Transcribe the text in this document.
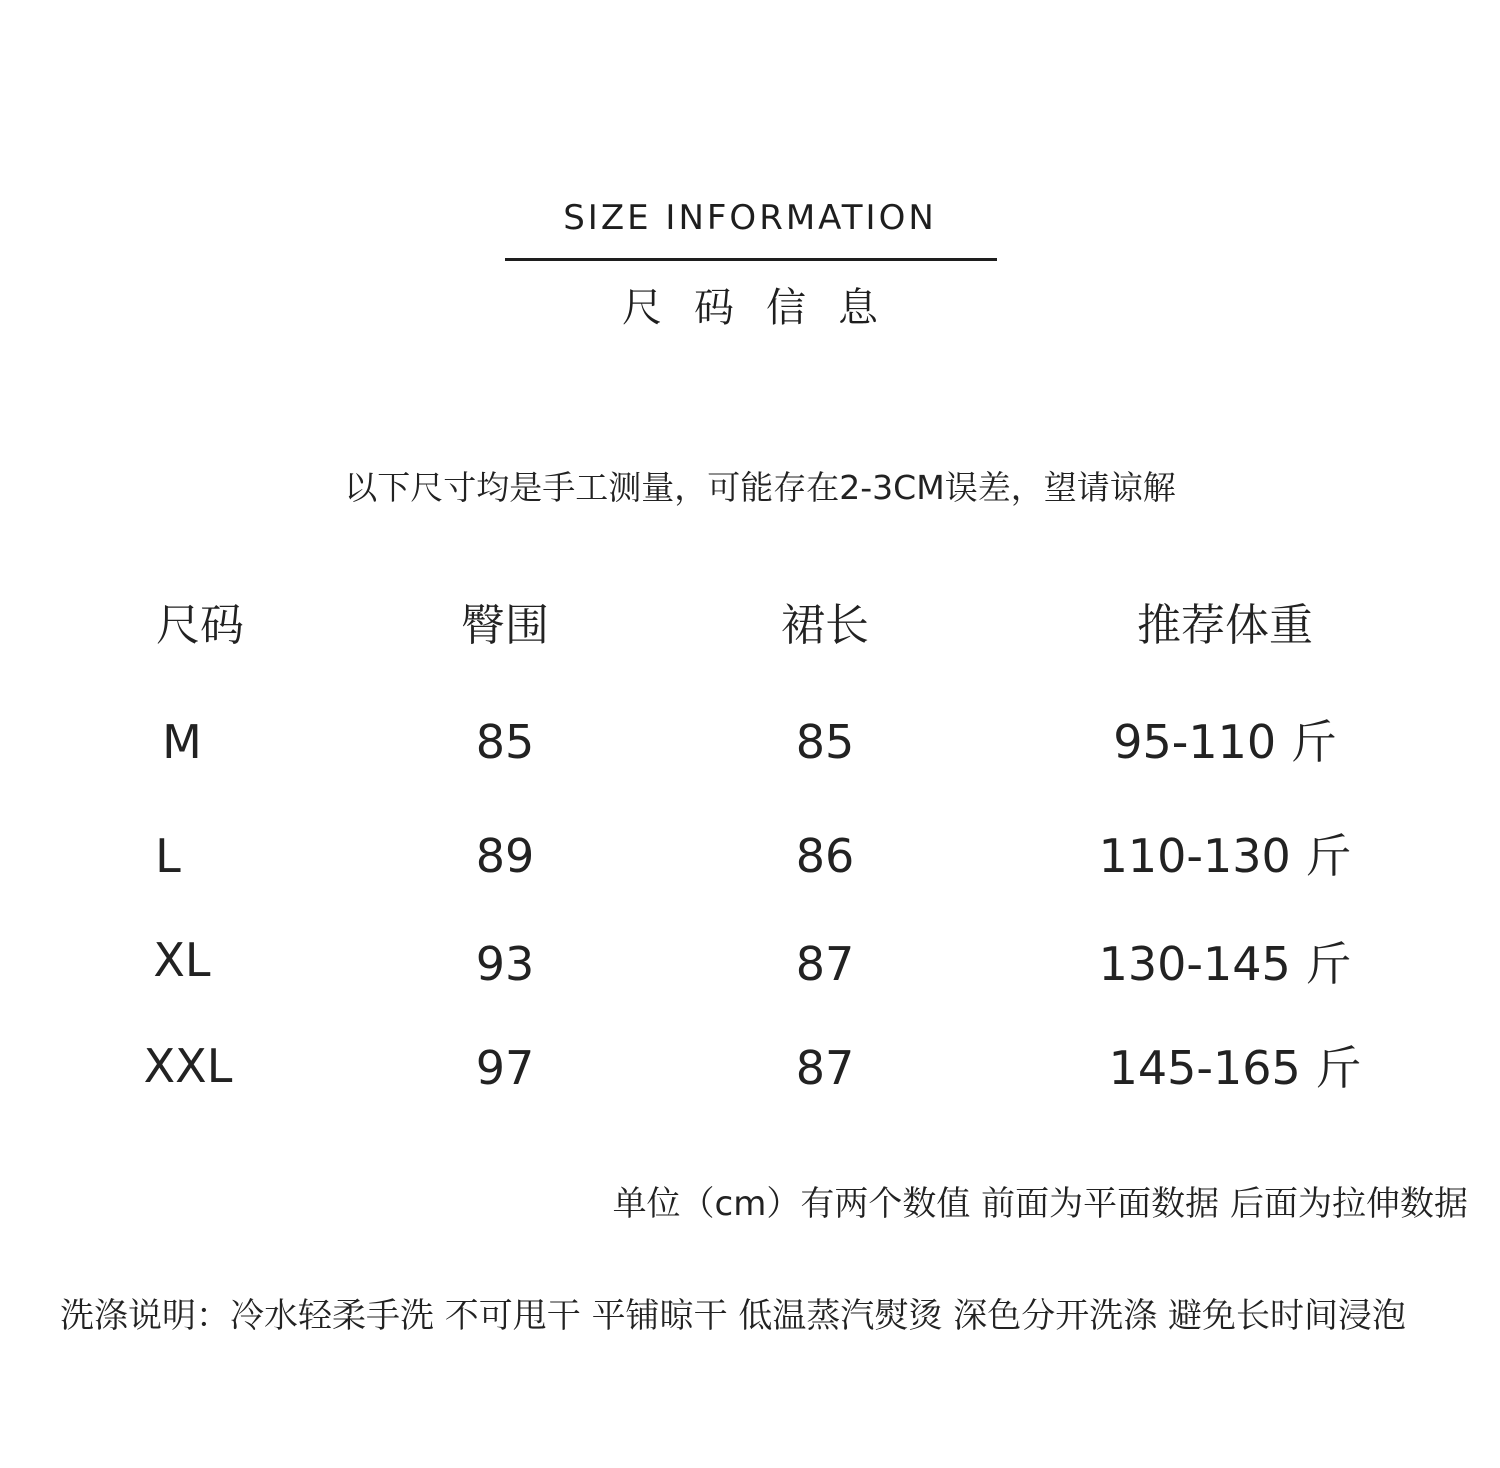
SIZE INFORMATION
尺码信息
以下尺寸均是手工测量，可能存在2-3CM误差，望请谅解
尺码	臀围	裙长	推荐体重
M	85	85	95-110 斤
L	89	86	110-130 斤
XL	93	87	130-145 斤
XXL	97	87	145-165 斤
单位（cm）有两个数值 前面为平面数据 后面为拉伸数据
洗涤说明：冷水轻柔手洗 不可甩干 平铺晾干 低温蒸汽熨烫 深色分开洗涤 避免长时间浸泡
